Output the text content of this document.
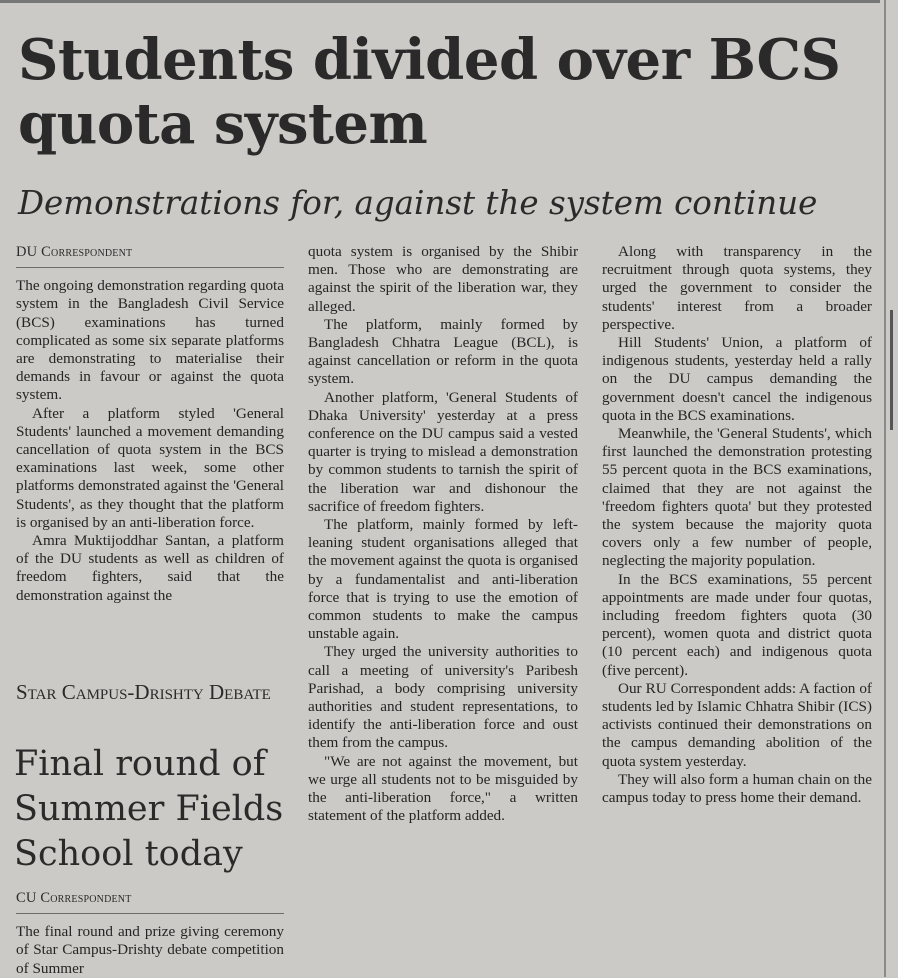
Students divided over BCS quota system
Demonstrations for, against the system continue
DU Correspondent

The ongoing demonstration regarding quota system in the Bangladesh Civil Service (BCS) examinations has turned complicated as some six separate platforms are demonstrating to materialise their demands in favour or against the quota system.

After a platform styled 'General Students' launched a movement demanding cancellation of quota system in the BCS examinations last week, some other platforms demonstrated against the 'General Students', as they thought that the platform is organised by an anti-liberation force.

Amra Muktijoddhar Santan, a platform of the DU students as well as children of freedom fighters, said that the demonstration against the

quota system is organised by the Shibir men. Those who are demonstrating are against the spirit of the liberation war, they alleged.

The platform, mainly formed by Bangladesh Chhatra League (BCL), is against cancellation or reform in the quota system.

Another platform, 'General Students of Dhaka University' yesterday at a press conference on the DU campus said a vested quarter is trying to mislead a demonstration by common students to tarnish the spirit of the liberation war and dishonour the sacrifice of freedom fighters.

The platform, mainly formed by left-leaning student organisations alleged that the movement against the quota is organised by a fundamentalist and anti-liberation force that is trying to use the emotion of common students to make the campus unstable again.

They urged the university authorities to call a meeting of university's Paribesh Parishad, a body comprising university authorities and student representations, to identify the anti-liberation force and oust them from the campus.

"We are not against the movement, but we urge all students not to be misguided by the anti-liberation force," a written statement of the platform added.

Along with transparency in the recruitment through quota systems, they urged the government to consider the students' interest from a broader perspective.

Hill Students' Union, a platform of indigenous students, yesterday held a rally on the DU campus demanding the government doesn't cancel the indigenous quota in the BCS examinations.

Meanwhile, the 'General Students', which first launched the demonstration protesting 55 percent quota in the BCS examinations, claimed that they are not against the 'freedom fighters quota' but they protested the system because the majority quota covers only a few number of people, neglecting the majority population.

In the BCS examinations, 55 percent appointments are made under four quotas, including freedom fighters quota (30 percent), women quota and district quota (10 percent each) and indigenous quota (five percent).

Our RU Correspondent adds: A faction of students led by Islamic Chhatra Shibir (ICS) activists continued their demonstrations on the campus demanding abolition of the quota system yesterday.

They will also form a human chain on the campus today to press home their demand.

Star Campus-Drishty Debate
Final round of Summer Fields School today
CU Correspondent

The final round and prize giving ceremony of Star Campus-Drishty debate competition of Summer
